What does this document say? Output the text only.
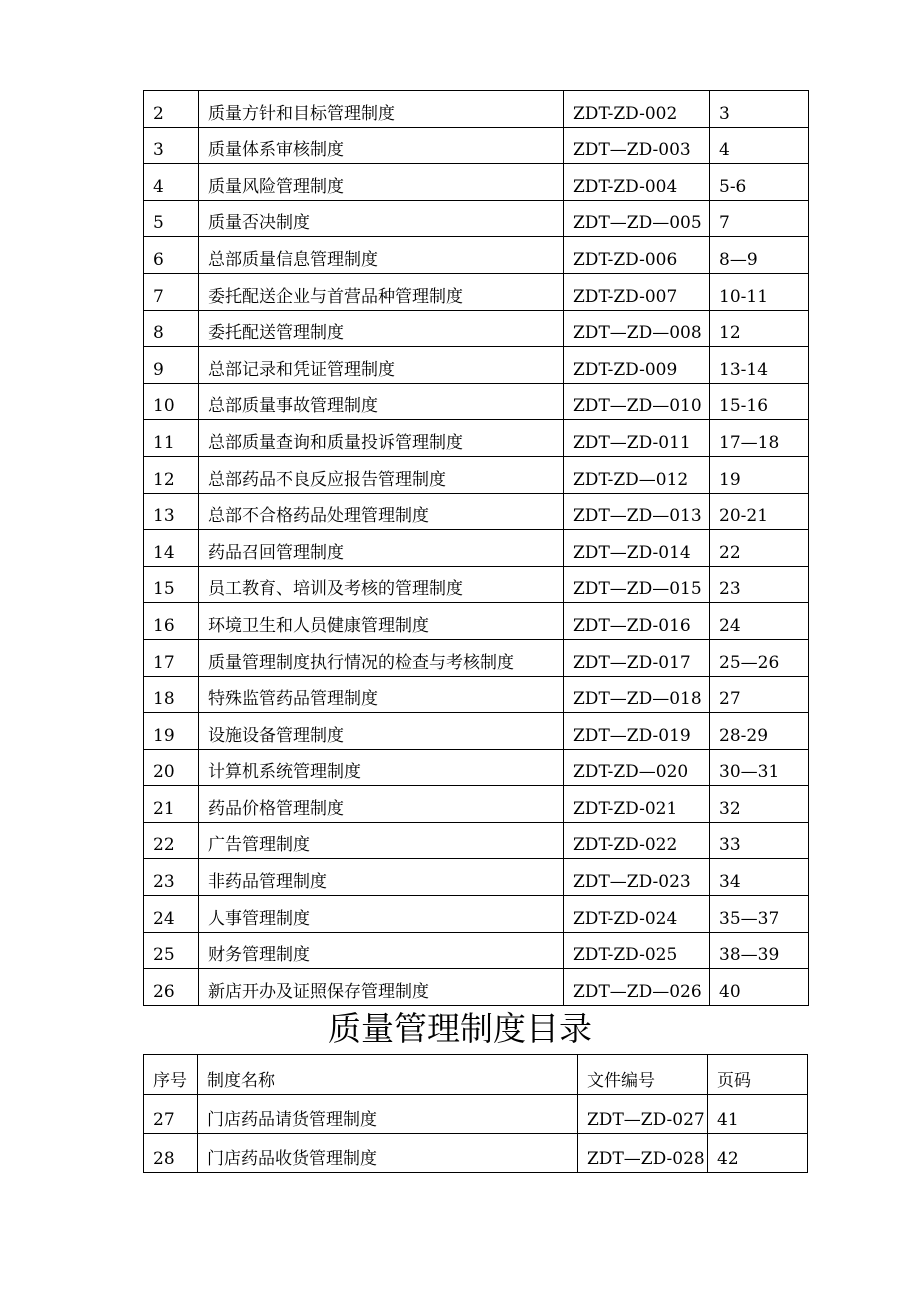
2	质量方针和目标管理制度	ZDT-ZD-002	3
3	质量体系审核制度	ZDT—ZD-003	4
4	质量风险管理制度	ZDT-ZD-004	5-6
5	质量否决制度	ZDT—ZD—005	7
6	总部质量信息管理制度	ZDT-ZD-006	8—9
7	委托配送企业与首营品种管理制度	ZDT-ZD-007	10-11
8	委托配送管理制度	ZDT—ZD—008	12
9	总部记录和凭证管理制度	ZDT-ZD-009	13-14
10	总部质量事故管理制度	ZDT—ZD—010	15-16
11	总部质量查询和质量投诉管理制度	ZDT—ZD-011	17—18
12	总部药品不良反应报告管理制度	ZDT-ZD—012	19
13	总部不合格药品处理管理制度	ZDT—ZD—013	20-21
14	药品召回管理制度	ZDT—ZD-014	22
15	员工教育、培训及考核的管理制度	ZDT—ZD—015	23
16	环境卫生和人员健康管理制度	ZDT—ZD-016	24
17	质量管理制度执行情况的检查与考核制度	ZDT—ZD-017	25—26
18	特殊监管药品管理制度	ZDT—ZD—018	27
19	设施设备管理制度	ZDT—ZD-019	28-29
20	计算机系统管理制度	ZDT-ZD—020	30—31
21	药品价格管理制度	ZDT-ZD-021	32
22	广告管理制度	ZDT-ZD-022	33
23	非药品管理制度	ZDT—ZD-023	34
24	人事管理制度	ZDT-ZD-024	35—37
25	财务管理制度	ZDT-ZD-025	38—39
26	新店开办及证照保存管理制度	ZDT—ZD—026	40
质量管理制度目录
序号	制度名称	文件编号	页码
27	门店药品请货管理制度	ZDT—ZD-027	41
28	门店药品收货管理制度	ZDT—ZD-028	42
